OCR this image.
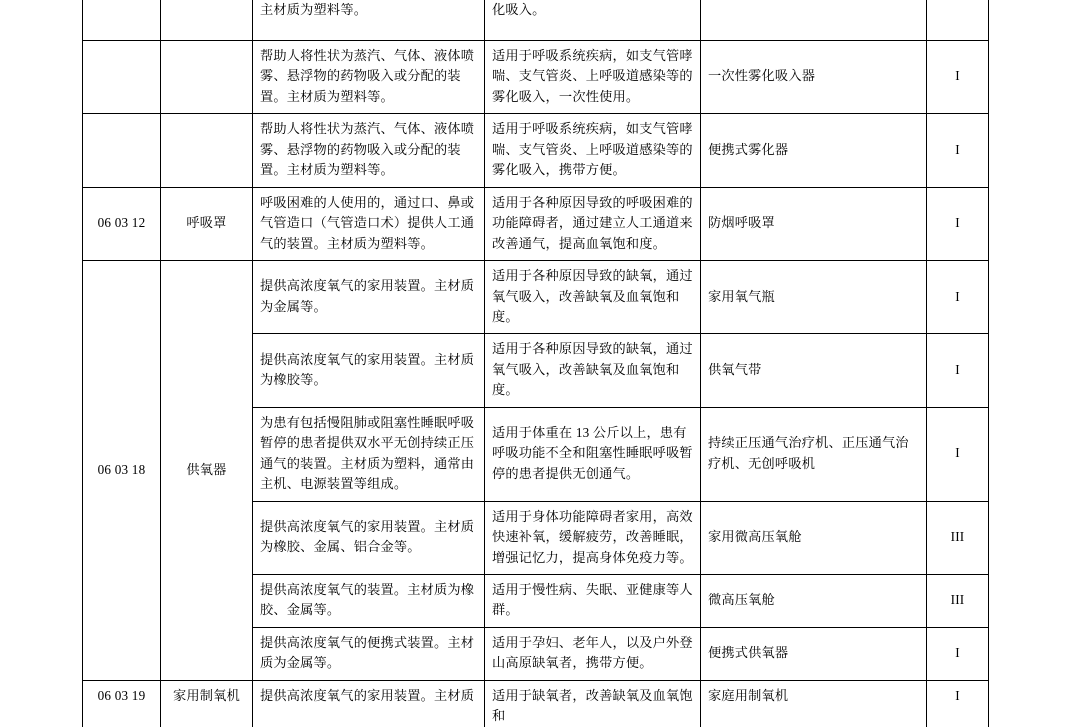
		主材质为塑料等。	化吸入。		
		帮助人将性状为蒸汽、气体、液体喷雾、悬浮物的药物吸入或分配的装置。主材质为塑料等。	适用于呼吸系统疾病，如支气管哮喘、支气管炎、上呼吸道感染等的雾化吸入，一次性使用。	一次性雾化吸入器	I
		帮助人将性状为蒸汽、气体、液体喷雾、悬浮物的药物吸入或分配的装置。主材质为塑料等。	适用于呼吸系统疾病，如支气管哮喘、支气管炎、上呼吸道感染等的雾化吸入，携带方便。	便携式雾化器	I
06 03 12	呼吸罩	呼吸困难的人使用的，通过口、鼻或气管造口（气管造口术）提供人工通气的装置。主材质为塑料等。	适用于各种原因导致的呼吸困难的功能障碍者，通过建立人工通道来改善通气，提高血氧饱和度。	防烟呼吸罩	I
06 03 18	供氧器	提供高浓度氧气的家用装置。主材质为金属等。	适用于各种原因导致的缺氧，通过氧气吸入，改善缺氧及血氧饱和度。	家用氧气瓶	I
		提供高浓度氧气的家用装置。主材质为橡胶等。	适用于各种原因导致的缺氧，通过氧气吸入，改善缺氧及血氧饱和度。	供氧气带	I
		为患有包括慢阻肺或阻塞性睡眠呼吸暂停的患者提供双水平无创持续正压通气的装置。主材质为塑料，通常由主机、电源装置等组成。	适用于体重在 13 公斤以上，患有呼吸功能不全和阻塞性睡眠呼吸暂停的患者提供无创通气。	持续正压通气治疗机、正压通气治疗机、无创呼吸机	I
		提供高浓度氧气的家用装置。主材质为橡胶、金属、铝合金等。	适用于身体功能障碍者家用，高效快速补氧，缓解疲劳，改善睡眠，增强记忆力，提高身体免疫力等。	家用微高压氧舱	III
		提供高浓度氧气的装置。主材质为橡胶、金属等。	适用于慢性病、失眠、亚健康等人群。	微高压氧舱	III
		提供高浓度氧气的便携式装置。主材质为金属等。	适用于孕妇、老年人，以及户外登山高原缺氧者，携带方便。	便携式供氧器	I
06 03 19	家用制氧机	提供高浓度氧气的家用装置。主材质	适用于缺氧者，改善缺氧及血氧饱和	家庭用制氧机	I
